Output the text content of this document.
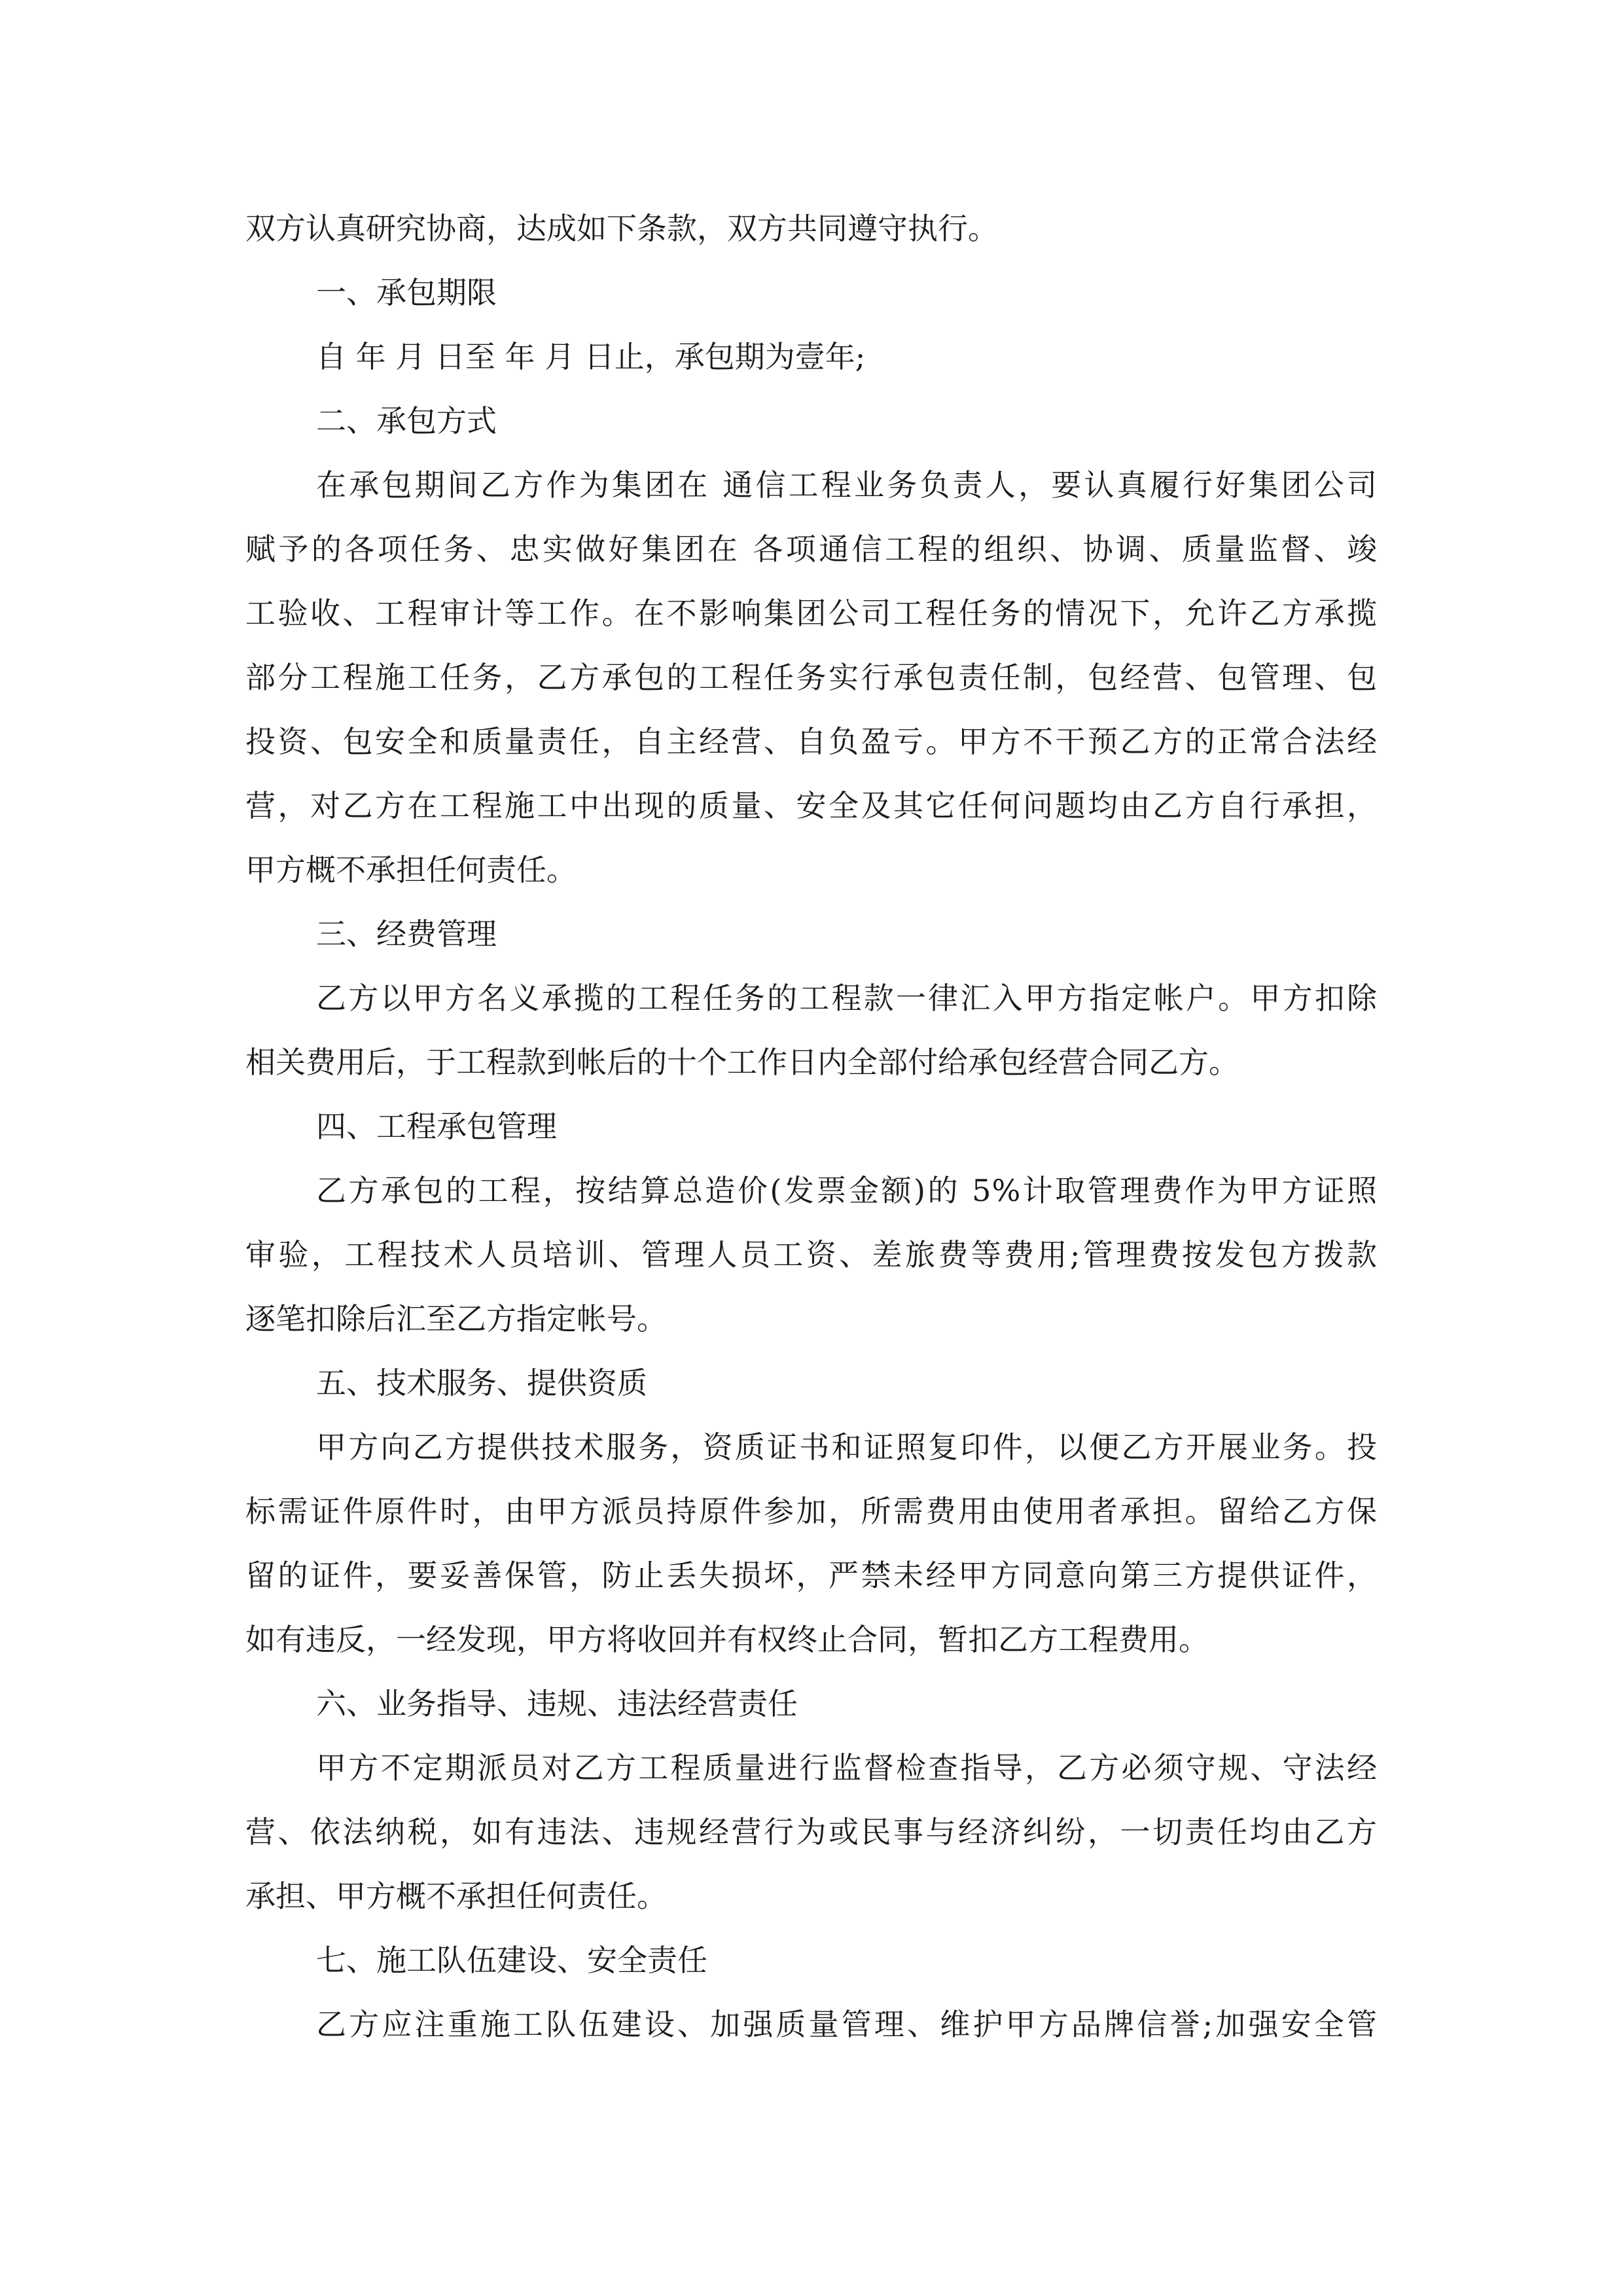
双方认真研究协商，达成如下条款，双方共同遵守执行。

一、承包期限

自 年 月 日至 年 月 日止，承包期为壹年;

二、承包方式

在承包期间乙方作为集团在 通信工程业务负责人，要认真履行好集团公司

赋予的各项任务、忠实做好集团在 各项通信工程的组织、协调、质量监督、竣

工验收、工程审计等工作。在不影响集团公司工程任务的情况下，允许乙方承揽

部分工程施工任务，乙方承包的工程任务实行承包责任制，包经营、包管理、包

投资、包安全和质量责任，自主经营、自负盈亏。甲方不干预乙方的正常合法经

营，对乙方在工程施工中出现的质量、安全及其它任何问题均由乙方自行承担，

甲方概不承担任何责任。

三、经费管理

乙方以甲方名义承揽的工程任务的工程款一律汇入甲方指定帐户。甲方扣除

相关费用后，于工程款到帐后的十个工作日内全部付给承包经营合同乙方。

四、工程承包管理

乙方承包的工程，按结算总造价(发票金额)的 5%计取管理费作为甲方证照

审验，工程技术人员培训、管理人员工资、差旅费等费用;管理费按发包方拨款

逐笔扣除后汇至乙方指定帐号。

五、技术服务、提供资质

甲方向乙方提供技术服务，资质证书和证照复印件，以便乙方开展业务。投

标需证件原件时，由甲方派员持原件参加，所需费用由使用者承担。留给乙方保

留的证件，要妥善保管，防止丢失损坏，严禁未经甲方同意向第三方提供证件，

如有违反，一经发现，甲方将收回并有权终止合同，暂扣乙方工程费用。

六、业务指导、违规、违法经营责任

甲方不定期派员对乙方工程质量进行监督检查指导，乙方必须守规、守法经

营、依法纳税，如有违法、违规经营行为或民事与经济纠纷，一切责任均由乙方

承担、甲方概不承担任何责任。

七、施工队伍建设、安全责任

乙方应注重施工队伍建设、加强质量管理、维护甲方品牌信誉;加强安全管
